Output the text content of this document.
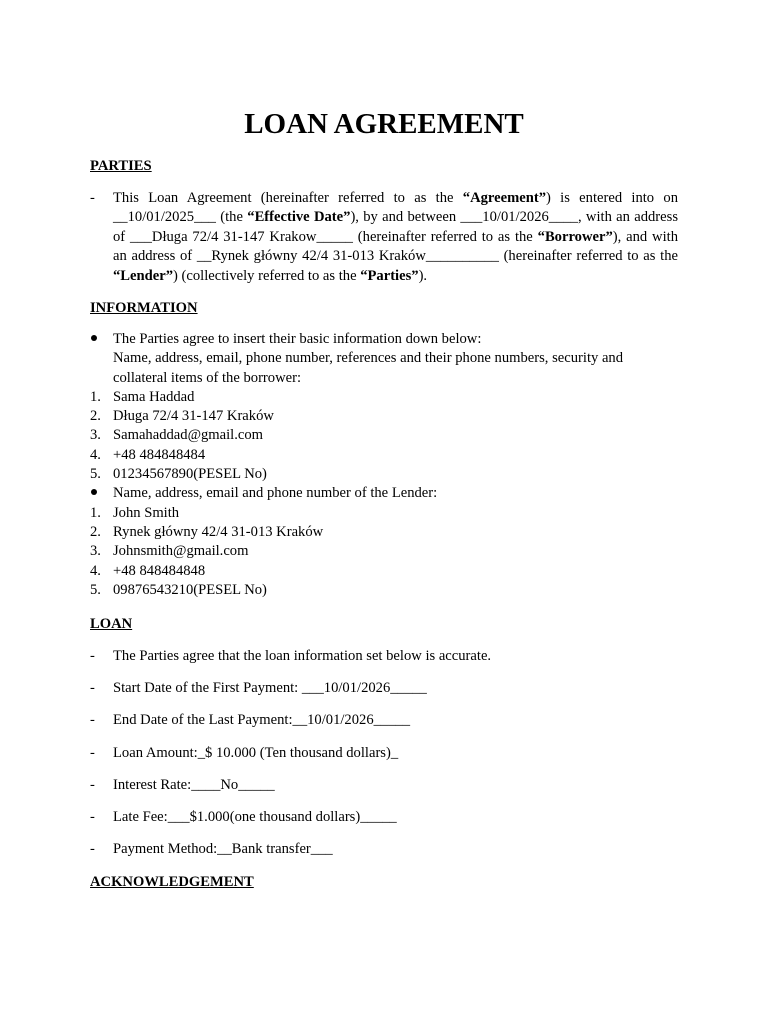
LOAN AGREEMENT
PARTIES
-	This Loan Agreement (hereinafter referred to as the “Agreement”) is entered into on __10/01/2025___ (the “Effective Date”), by and between ___10/01/2026____, with an address of ___Długa 72/4 31-147 Krakow_____ (hereinafter referred to as the “Borrower”), and with an address of __Rynek główny 42/4 31-013 Kraków__________ (hereinafter referred to as the “Lender”) (collectively referred to as the “Parties”).
INFORMATION
The Parties agree to insert their basic information down below:
Name, address, email, phone number, references and their phone numbers, security and collateral items of the borrower:
1. Sama Haddad
2. Długa 72/4 31-147 Kraków
3. Samahaddad@gmail.com
4. +48 484848484
5. 01234567890(PESEL No)
Name, address, email and phone number of the Lender:
1. John Smith
2. Rynek główny 42/4 31-013 Kraków
3. Johnsmith@gmail.com
4. +48 848484848
5. 09876543210(PESEL No)
LOAN
-	The Parties agree that the loan information set below is accurate.
-	Start Date of the First Payment: ___10/01/2026_____
-	End Date of the Last Payment:__10/01/2026_____
-	Loan Amount:_$ 10.000 (Ten thousand dollars)_
-	Interest Rate:____No_____
-	Late Fee:___$1.000(one thousand dollars)_____
-	Payment Method:__Bank transfer___
ACKNOWLEDGEMENT
